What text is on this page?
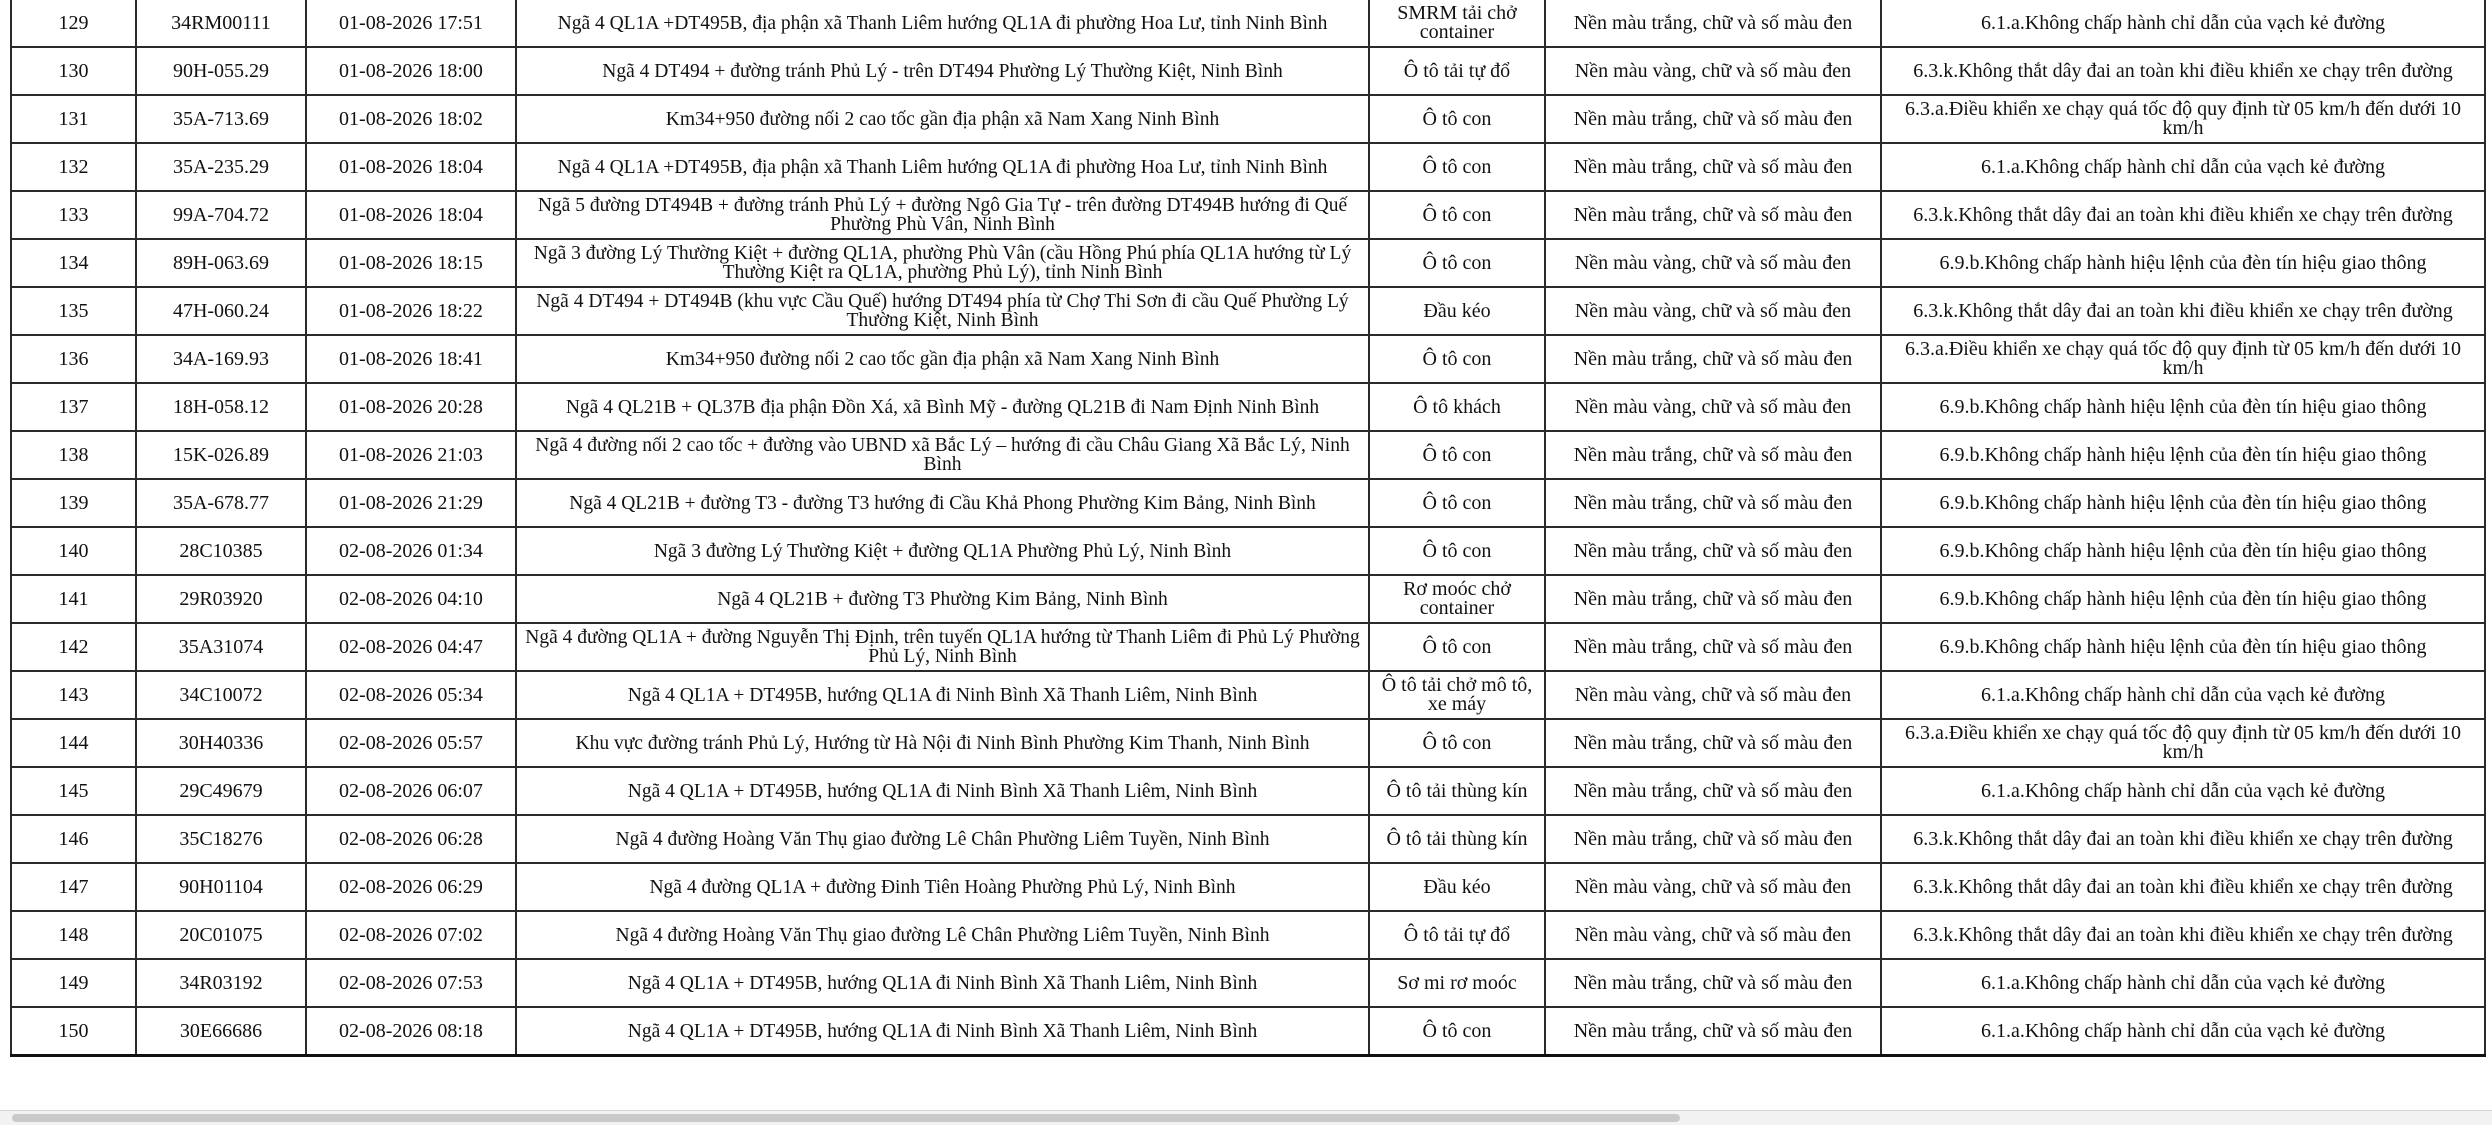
129	34RM00111	01-08-2026 17:51	Ngã 4 QL1A +DT495B, địa phận xã Thanh Liêm hướng QL1A đi phường Hoa Lư, tỉnh Ninh Bình	SMRM tải chở container	Nền màu trắng, chữ và số màu đen	6.1.a.Không chấp hành chỉ dẫn của vạch kẻ đường
130	90H-055.29	01-08-2026 18:00	Ngã 4 DT494 + đường tránh Phủ Lý - trên DT494 Phường Lý Thường Kiệt, Ninh Bình	Ô tô tải tự đổ	Nền màu vàng, chữ và số màu đen	6.3.k.Không thắt dây đai an toàn khi điều khiển xe chạy trên đường
131	35A-713.69	01-08-2026 18:02	Km34+950 đường nối 2 cao tốc gần địa phận xã Nam Xang Ninh Bình	Ô tô con	Nền màu trắng, chữ và số màu đen	6.3.a.Điều khiển xe chạy quá tốc độ quy định từ 05 km/h đến dưới 10 km/h
132	35A-235.29	01-08-2026 18:04	Ngã 4 QL1A +DT495B, địa phận xã Thanh Liêm hướng QL1A đi phường Hoa Lư, tỉnh Ninh Bình	Ô tô con	Nền màu trắng, chữ và số màu đen	6.1.a.Không chấp hành chỉ dẫn của vạch kẻ đường
133	99A-704.72	01-08-2026 18:04	Ngã 5 đường DT494B + đường tránh Phủ Lý + đường Ngô Gia Tự - trên đường DT494B hướng đi Quế Phường Phù Vân, Ninh Bình	Ô tô con	Nền màu trắng, chữ và số màu đen	6.3.k.Không thắt dây đai an toàn khi điều khiển xe chạy trên đường
134	89H-063.69	01-08-2026 18:15	Ngã 3 đường Lý Thường Kiệt + đường QL1A, phường Phù Vân (cầu Hồng Phú phía QL1A hướng từ Lý Thường Kiệt ra QL1A, phường Phủ Lý), tỉnh Ninh Bình	Ô tô con	Nền màu vàng, chữ và số màu đen	6.9.b.Không chấp hành hiệu lệnh của đèn tín hiệu giao thông
135	47H-060.24	01-08-2026 18:22	Ngã 4 DT494 + DT494B (khu vực Cầu Quế) hướng DT494 phía từ Chợ Thi Sơn đi cầu Quế Phường Lý Thường Kiệt, Ninh Bình	Đầu kéo	Nền màu vàng, chữ và số màu đen	6.3.k.Không thắt dây đai an toàn khi điều khiển xe chạy trên đường
136	34A-169.93	01-08-2026 18:41	Km34+950 đường nối 2 cao tốc gần địa phận xã Nam Xang Ninh Bình	Ô tô con	Nền màu trắng, chữ và số màu đen	6.3.a.Điều khiển xe chạy quá tốc độ quy định từ 05 km/h đến dưới 10 km/h
137	18H-058.12	01-08-2026 20:28	Ngã 4 QL21B + QL37B địa phận Đồn Xá, xã Bình Mỹ - đường QL21B đi Nam Định Ninh Bình	Ô tô khách	Nền màu vàng, chữ và số màu đen	6.9.b.Không chấp hành hiệu lệnh của đèn tín hiệu giao thông
138	15K-026.89	01-08-2026 21:03	Ngã 4 đường nối 2 cao tốc + đường vào UBND xã Bắc Lý – hướng đi cầu Châu Giang Xã Bắc Lý, Ninh Bình	Ô tô con	Nền màu trắng, chữ và số màu đen	6.9.b.Không chấp hành hiệu lệnh của đèn tín hiệu giao thông
139	35A-678.77	01-08-2026 21:29	Ngã 4 QL21B + đường T3 - đường T3 hướng đi Cầu Khả Phong Phường Kim Bảng, Ninh Bình	Ô tô con	Nền màu trắng, chữ và số màu đen	6.9.b.Không chấp hành hiệu lệnh của đèn tín hiệu giao thông
140	28C10385	02-08-2026 01:34	Ngã 3 đường Lý Thường Kiệt + đường QL1A Phường Phủ Lý, Ninh Bình	Ô tô con	Nền màu trắng, chữ và số màu đen	6.9.b.Không chấp hành hiệu lệnh của đèn tín hiệu giao thông
141	29R03920	02-08-2026 04:10	Ngã 4 QL21B + đường T3 Phường Kim Bảng, Ninh Bình	Rơ moóc chở container	Nền màu trắng, chữ và số màu đen	6.9.b.Không chấp hành hiệu lệnh của đèn tín hiệu giao thông
142	35A31074	02-08-2026 04:47	Ngã 4 đường QL1A + đường Nguyễn Thị Định, trên tuyến QL1A hướng từ Thanh Liêm đi Phủ Lý Phường Phủ Lý, Ninh Bình	Ô tô con	Nền màu trắng, chữ và số màu đen	6.9.b.Không chấp hành hiệu lệnh của đèn tín hiệu giao thông
143	34C10072	02-08-2026 05:34	Ngã 4 QL1A + DT495B, hướng QL1A đi Ninh Bình Xã Thanh Liêm, Ninh Bình	Ô tô tải chở mô tô, xe máy	Nền màu vàng, chữ và số màu đen	6.1.a.Không chấp hành chỉ dẫn của vạch kẻ đường
144	30H40336	02-08-2026 05:57	Khu vực đường tránh Phủ Lý, Hướng từ Hà Nội đi Ninh Bình Phường Kim Thanh, Ninh Bình	Ô tô con	Nền màu trắng, chữ và số màu đen	6.3.a.Điều khiển xe chạy quá tốc độ quy định từ 05 km/h đến dưới 10 km/h
145	29C49679	02-08-2026 06:07	Ngã 4 QL1A + DT495B, hướng QL1A đi Ninh Bình Xã Thanh Liêm, Ninh Bình	Ô tô tải thùng kín	Nền màu trắng, chữ và số màu đen	6.1.a.Không chấp hành chỉ dẫn của vạch kẻ đường
146	35C18276	02-08-2026 06:28	Ngã 4 đường Hoàng Văn Thụ giao đường Lê Chân Phường Liêm Tuyền, Ninh Bình	Ô tô tải thùng kín	Nền màu trắng, chữ và số màu đen	6.3.k.Không thắt dây đai an toàn khi điều khiển xe chạy trên đường
147	90H01104	02-08-2026 06:29	Ngã 4 đường QL1A + đường Đinh Tiên Hoàng Phường Phủ Lý, Ninh Bình	Đầu kéo	Nền màu vàng, chữ và số màu đen	6.3.k.Không thắt dây đai an toàn khi điều khiển xe chạy trên đường
148	20C01075	02-08-2026 07:02	Ngã 4 đường Hoàng Văn Thụ giao đường Lê Chân Phường Liêm Tuyền, Ninh Bình	Ô tô tải tự đổ	Nền màu vàng, chữ và số màu đen	6.3.k.Không thắt dây đai an toàn khi điều khiển xe chạy trên đường
149	34R03192	02-08-2026 07:53	Ngã 4 QL1A + DT495B, hướng QL1A đi Ninh Bình Xã Thanh Liêm, Ninh Bình	Sơ mi rơ moóc	Nền màu trắng, chữ và số màu đen	6.1.a.Không chấp hành chỉ dẫn của vạch kẻ đường
150	30E66686	02-08-2026 08:18	Ngã 4 QL1A + DT495B, hướng QL1A đi Ninh Bình Xã Thanh Liêm, Ninh Bình	Ô tô con	Nền màu trắng, chữ và số màu đen	6.1.a.Không chấp hành chỉ dẫn của vạch kẻ đường
